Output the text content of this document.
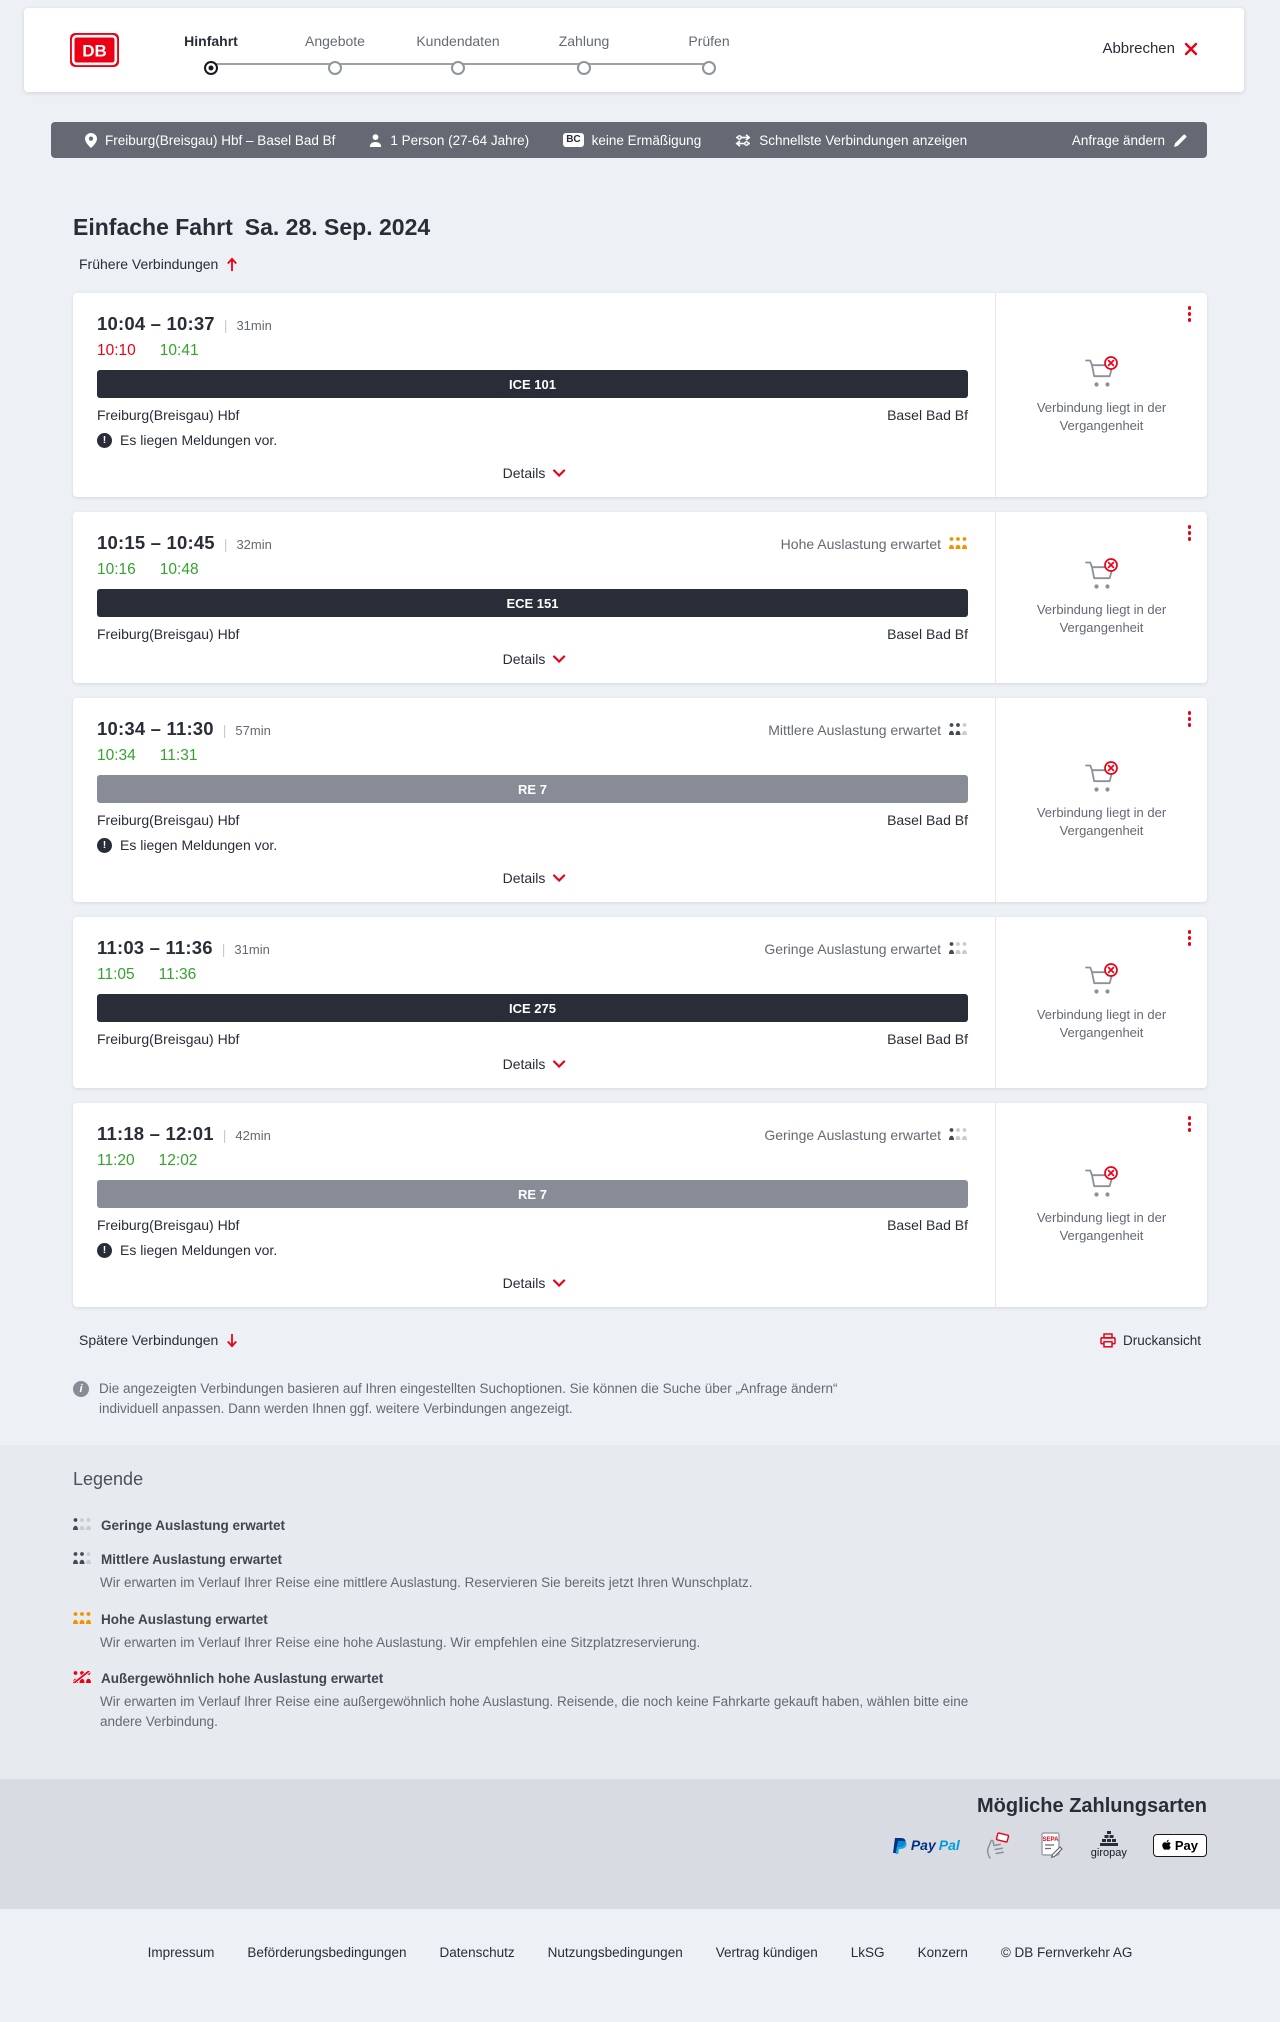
DB
Hinfahrt	Angebote	Kundendaten	Zahlung	Prüfen	Abbrechen
Freiburg(Breisgau) Hbf – Basel Bad Bf	1 Person (27-64 Jahre)	BC keine Ermäßigung	Schnellste Verbindungen anzeigen	Anfrage ändern
Einfache Fahrt Sa. 28. Sep. 2024
Frühere Verbindungen
10:04 – 10:37 | 31min
10:10 10:41
ICE 101
Freiburg(Breisgau) Hbf	Basel Bad Bf
! Es liegen Meldungen vor.
Details
Verbindung liegt in der Vergangenheit
10:15 – 10:45 | 32min	Hohe Auslastung erwartet
10:16 10:48
ECE 151
Freiburg(Breisgau) Hbf	Basel Bad Bf
Details
Verbindung liegt in der Vergangenheit
10:34 – 11:30 | 57min	Mittlere Auslastung erwartet
10:34 11:31
RE 7
Freiburg(Breisgau) Hbf	Basel Bad Bf
! Es liegen Meldungen vor.
Details
Verbindung liegt in der Vergangenheit
11:03 – 11:36 | 31min	Geringe Auslastung erwartet
11:05 11:36
ICE 275
Freiburg(Breisgau) Hbf	Basel Bad Bf
Details
Verbindung liegt in der Vergangenheit
11:18 – 12:01 | 42min	Geringe Auslastung erwartet
11:20 12:02
RE 7
Freiburg(Breisgau) Hbf	Basel Bad Bf
! Es liegen Meldungen vor.
Details
Verbindung liegt in der Vergangenheit
Spätere Verbindungen	Druckansicht
i	Die angezeigten Verbindungen basieren auf Ihren eingestellten Suchoptionen. Sie können die Suche über „Anfrage ändern“ individuell anpassen. Dann werden Ihnen ggf. weitere Verbindungen angezeigt.
Legende
Geringe Auslastung erwartet
Mittlere Auslastung erwartet
Wir erwarten im Verlauf Ihrer Reise eine mittlere Auslastung. Reservieren Sie bereits jetzt Ihren Wunschplatz.
Hohe Auslastung erwartet
Wir erwarten im Verlauf Ihrer Reise eine hohe Auslastung. Wir empfehlen eine Sitzplatzreservierung.
Außergewöhnlich hohe Auslastung erwartet
Wir erwarten im Verlauf Ihrer Reise eine außergewöhnlich hohe Auslastung. Reisende, die noch keine Fahrkarte gekauft haben, wählen bitte eine andere Verbindung.
Mögliche Zahlungsarten
Pay Pal	SEPA
giropay
Pay
Impressum Beförderungsbedingungen Datenschutz Nutzungsbedingungen Vertrag kündigen LkSG Konzern © DB Fernverkehr AG
